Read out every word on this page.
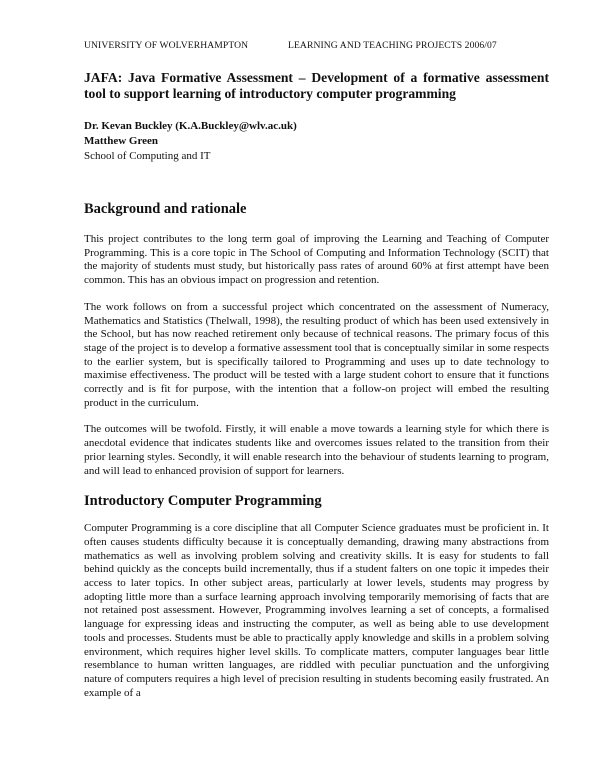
UNIVERSITY OF WOLVERHAMPTON	LEARNING AND TEACHING PROJECTS 2006/07
JAFA: Java Formative Assessment – Development of a formative assessment tool to support learning of introductory computer programming
Dr. Kevan Buckley (K.A.Buckley@wlv.ac.uk)
Matthew Green
School of Computing and IT
Background and rationale

This project contributes to the long term goal of improving the Learning and Teaching of Computer Programming. This is a core topic in The School of Computing and Information Technology (SCIT) that the majority of students must study, but historically pass rates of around 60% at first attempt have been common. This has an obvious impact on progression and retention.

The work follows on from a successful project which concentrated on the assessment of Numeracy, Mathematics and Statistics (Thelwall, 1998), the resulting product of which has been used extensively in the School, but has now reached retirement only because of technical reasons. The primary focus of this stage of the project is to develop a formative assessment tool that is conceptually similar in some respects to the earlier system, but is specifically tailored to Programming and uses up to date technology to maximise effectiveness. The product will be tested with a large student cohort to ensure that it functions correctly and is fit for purpose, with the intention that a follow-on project will embed the resulting product in the curriculum.

The outcomes will be twofold. Firstly, it will enable a move towards a learning style for which there is anecdotal evidence that indicates students like and overcomes issues related to the transition from their prior learning styles. Secondly, it will enable research into the behaviour of students learning to program, and will lead to enhanced provision of support for learners.

Introductory Computer Programming

Computer Programming is a core discipline that all Computer Science graduates must be proficient in. It often causes students difficulty because it is conceptually demanding, drawing many abstractions from mathematics as well as involving problem solving and creativity skills. It is easy for students to fall behind quickly as the concepts build incrementally, thus if a student falters on one topic it impedes their access to later topics. In other subject areas, particularly at lower levels, students may progress by adopting little more than a surface learning approach involving temporarily memorising of facts that are not retained post assessment. However, Programming involves learning a set of concepts, a formalised language for expressing ideas and instructing the computer, as well as being able to use development tools and processes. Students must be able to practically apply knowledge and skills in a problem solving environment, which requires higher level skills. To complicate matters, computer languages bear little resemblance to human written languages, are riddled with peculiar punctuation and the unforgiving nature of computers requires a high level of precision resulting in students becoming easily frustrated. An example of a
